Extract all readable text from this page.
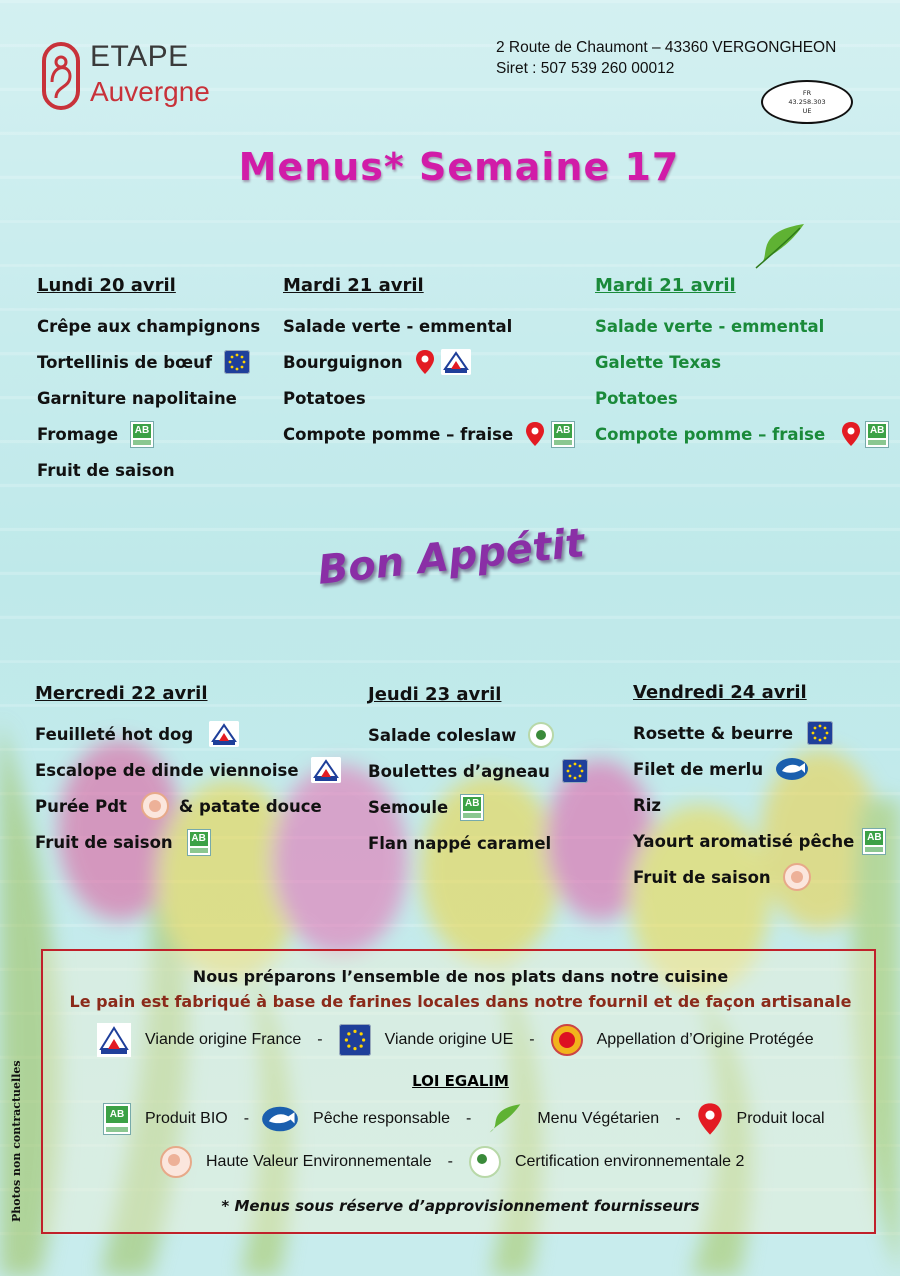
ETAPE
Auvergne
2 Route de Chaumont – 43360 VERGONGHEON
Siret : 507 539 260 00012
FR
43.258.303
UE
Menus* Semaine 17
Lundi 20 avril
Crêpe aux champignons
Tortellinis de bœuf
Garniture napolitaine
Fromage AB
Fruit de saison
Mardi 21 avril
Salade verte - emmental
Bourguignon
Potatoes
Compote pomme – fraise	AB
Mardi 21 avril
Salade verte - emmental
Galette Texas
Potatoes
Compote pomme – fraise	AB
Bon Appétit
Mercredi 22 avril
Feuilleté hot dog
Escalope de dinde viennoise
Purée Pdt	& patate douce
Fruit de saison AB
Jeudi 23 avril
Salade coleslaw
Boulettes d’agneau
Semoule AB
Flan nappé caramel
Vendredi 24 avril
Rosette & beurre
Filet de merlu
Riz
Yaourt aromatisé pêche AB
Fruit de saison
Nous préparons l’ensemble de nos plats dans notre cuisine
Le pain est fabriqué à base de farines locales dans notre fournil et de façon artisanale
Viande origine France -	Viande origine UE -	Appellation d’Origine Protégée
LOI EGALIM
AB Produit BIO -	Pêche responsable -	Menu Végétarien -	Produit local
Haute Valeur Environnementale -	Certification environnementale 2
* Menus sous réserve d’approvisionnement fournisseurs
Photos non contractuelles
